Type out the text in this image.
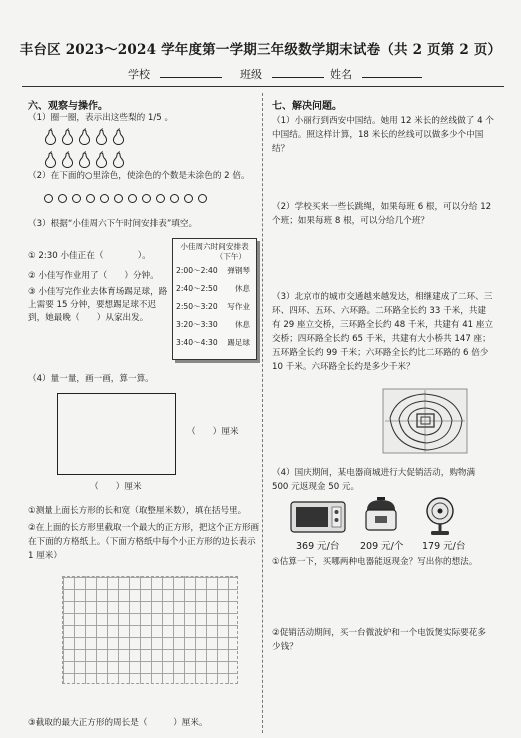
丰台区 2023～2024 学年度第一学期三年级数学期末试卷（共 2 页第 2 页）
学校	班级	姓名
六、观察与操作。
（1）圈一圈，表示出这些梨的 1/5 。
（2）在下面的○里涂色，使涂色的个数是未涂色的 2 倍。
（3）根据“小佳周六下午时间安排表”填空。
① 2:30 小佳正在（　　　　）。
② 小佳写作业用了（　　）分钟。
③ 小佳写完作业去体育场踢足球，路上需要 15 分钟，要想踢足球不迟到，她最晚（　　）从家出发。
小佳周六时间安排表
（下午）
2:00～2:40 弹钢琴
2:40～2:50 休息
2:50～3:20 写作业
3:20～3:30 休息
3:40～4:30 踢足球
（4）量一量，画一画，算一算。
（　　）厘米
（　　）厘米
①测量上面长方形的长和宽（取整厘米数），填在括号里。
②在上面的长方形里截取一个最大的正方形，把这个正方形画在下面的方格纸上。（下面方格纸中每个小正方形的边长表示 1 厘米）
③截取的最大正方形的周长是（　　　）厘米。
七、解决问题。
（1）小丽行到西安中国结。她用 12 米长的丝线做了 4 个中国结。照这样计算，18 米长的丝线可以做多少个中国结？
（2）学校买来一些长跳绳，如果每班 6 根，可以分给 12 个班；如果每班 8 根，可以分给几个班？
（3）北京市的城市交通越来越发达，相继建成了二环、三环、四环、五环、六环路。二环路全长约 33 千米，共建有 29 座立交桥，三环路全长约 48 千米，共建有 41 座立交桥；四环路全长约 65 千米，共建有大小桥共 147 座；五环路全长约 99 千米；六环路全长约比二环路的 6 倍少 10 千米。六环路全长约是多少千米？
（4）国庆期间，某电器商城进行大促销活动，购物满 500 元返现金 50 元。
369 元/台 209 元/个 179 元/台
①估算一下，买哪两种电器能返现金？写出你的想法。
②促销活动期间，买一台微波炉和一个电饭煲实际要花多少钱？
